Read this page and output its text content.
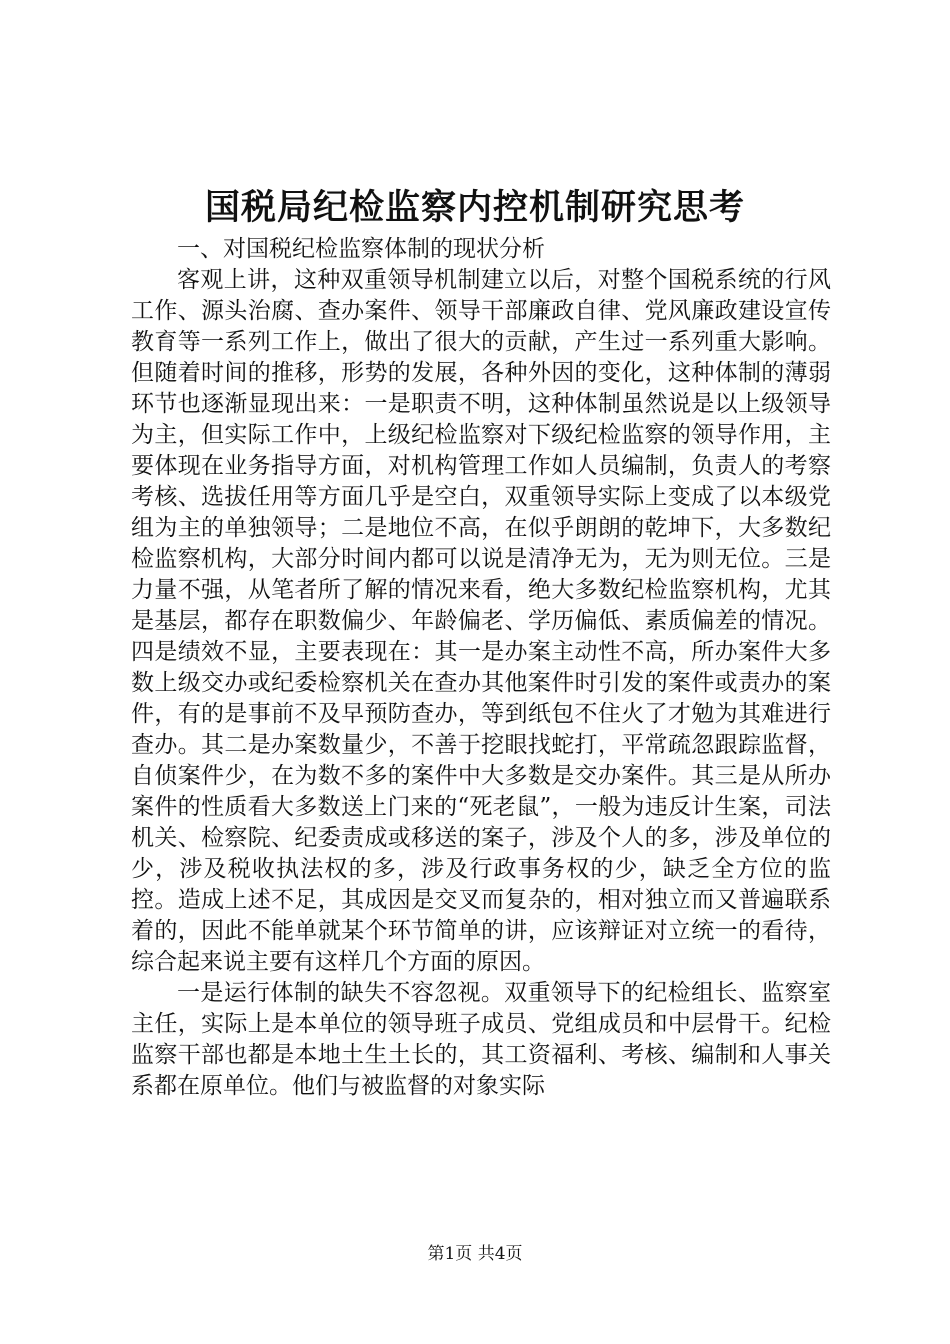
国税局纪检监察内控机制研究思考
一、对国税纪检监察体制的现状分析

客观上讲，这种双重领导机制建立以后，对整个国税系统的行风工作、源头治腐、查办案件、领导干部廉政自律、党风廉政建设宣传教育等一系列工作上，做出了很大的贡献，产生过一系列重大影响。但随着时间的推移，形势的发展，各种外因的变化，这种体制的薄弱环节也逐渐显现出来：一是职责不明，这种体制虽然说是以上级领导为主，但实际工作中，上级纪检监察对下级纪检监察的领导作用，主要体现在业务指导方面，对机构管理工作如人员编制，负责人的考察考核、选拔任用等方面几乎是空白，双重领导实际上变成了以本级党组为主的单独领导；二是地位不高，在似乎朗朗的乾坤下，大多数纪检监察机构，大部分时间内都可以说是清净无为，无为则无位。三是力量不强，从笔者所了解的情况来看，绝大多数纪检监察机构，尤其是基层，都存在职数偏少、年龄偏老、学历偏低、素质偏差的情况。四是绩效不显，主要表现在：其一是办案主动性不高，所办案件大多数上级交办或纪委检察机关在查办其他案件时引发的案件或责办的案件，有的是事前不及早预防查办，等到纸包不住火了才勉为其难进行查办。其二是办案数量少，不善于挖眼找蛇打，平常疏忽跟踪监督，自侦案件少，在为数不多的案件中大多数是交办案件。其三是从所办案件的性质看大多数送上门来的“死老鼠”，一般为违反计生案，司法机关、检察院、纪委责成或移送的案子，涉及个人的多，涉及单位的少，涉及税收执法权的多，涉及行政事务权的少，缺乏全方位的监控。造成上述不足，其成因是交叉而复杂的，相对独立而又普遍联系着的，因此不能单就某个环节简单的讲，应该辩证对立统一的看待，综合起来说主要有这样几个方面的原因。

一是运行体制的缺失不容忽视。双重领导下的纪检组长、监察室主任，实际上是本单位的领导班子成员、党组成员和中层骨干。纪检监察干部也都是本地土生土长的，其工资福利、考核、编制和人事关系都在原单位。他们与被监督的对象实际

第1页 共4页
